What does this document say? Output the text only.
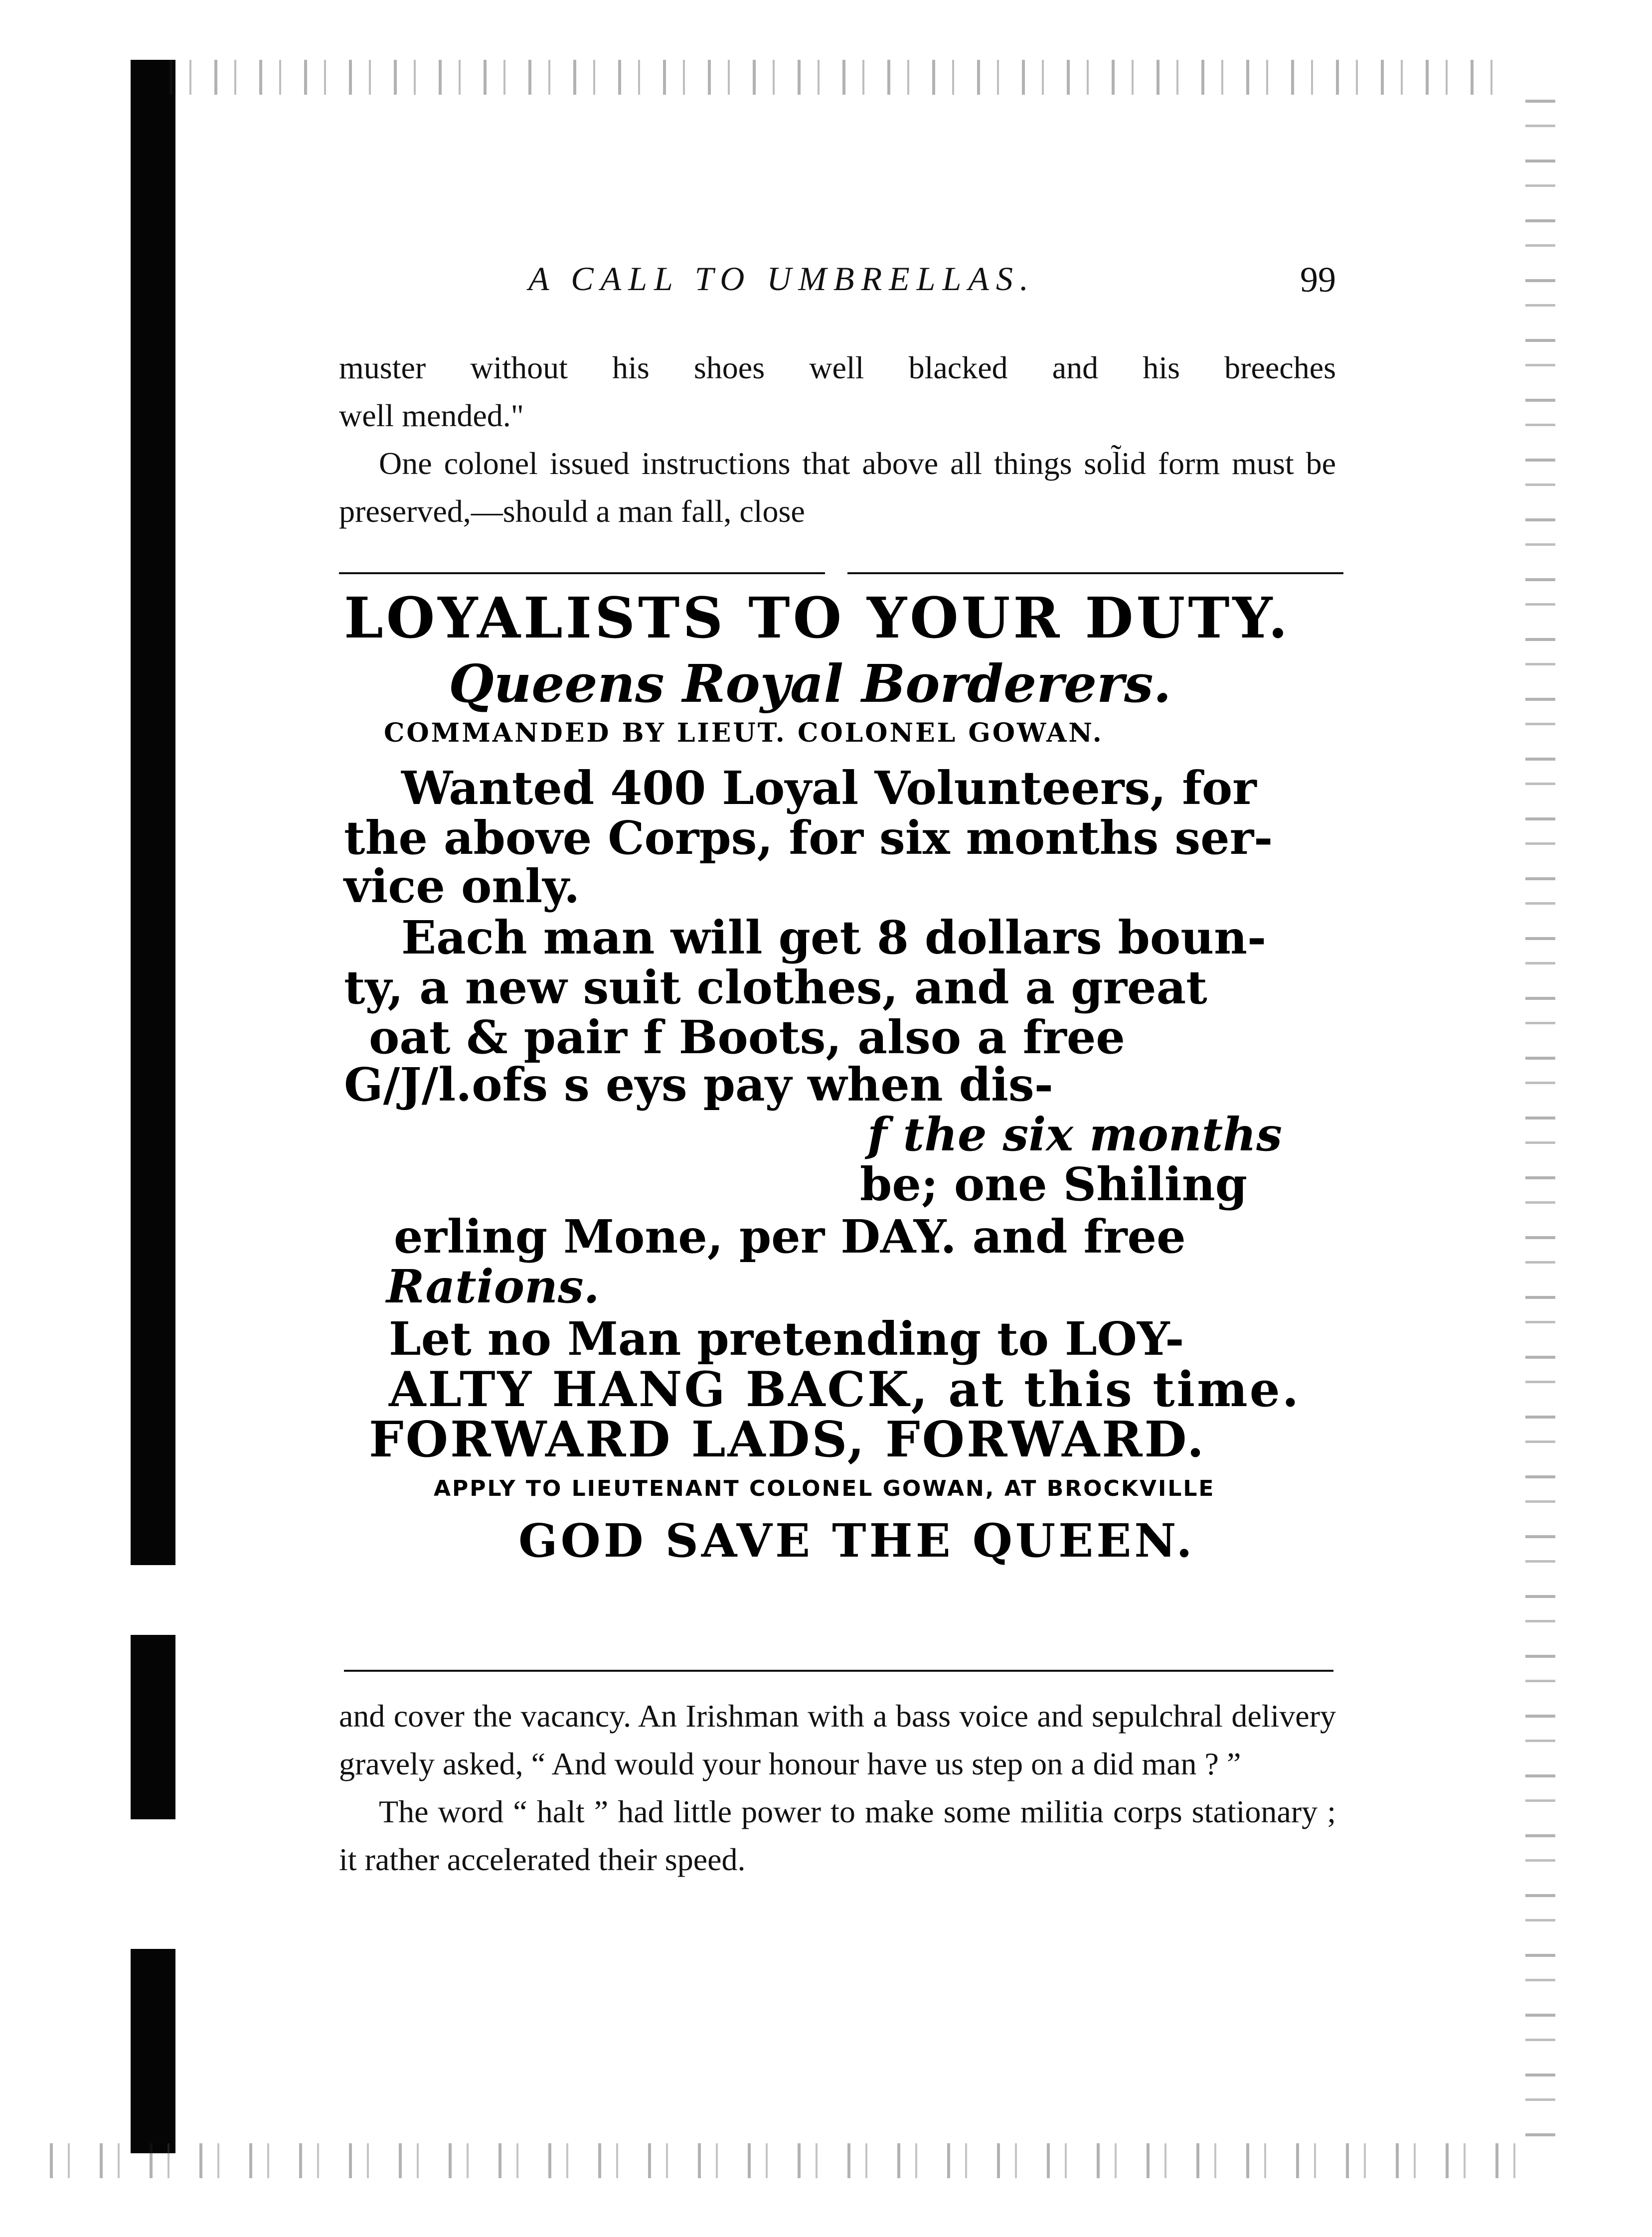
A CALL TO UMBRELLAS.	99

muster without his shoes well blacked and his breeches

well mended."

One colonel issued instructions that above all things sol̃id form must be preserved,—should a man fall, close

LOYALISTS TO YOUR DUTY.
Queens Royal Borderers.
COMMANDED BY LIEUT. COLONEL GOWAN.
Wanted 400 Loyal Volunteers, for
the above Corps, for six months ser-
vice only.
Each man will get 8 dollars boun-
ty, a new suit clothes, and a great
oat & pair f Boots, also a free
G/J/l.ofs s eys pay when dis-
f the six months
be; one Shiling
erling Mone, per DAY. and free
Rations.
Let no Man pretending to LOY-
ALTY HANG BACK, at this time.
FORWARD LADS, FORWARD.
APPLY TO LIEUTENANT COLONEL GOWAN, AT BROCKVILLE
GOD SAVE THE QUEEN.

and cover the vacancy. An Irishman with a bass voice and sepulchral delivery gravely asked, “ And would your honour have us step on a did man ? ”

The word “ halt ” had little power to make some militia corps stationary ; it rather accelerated their speed.
